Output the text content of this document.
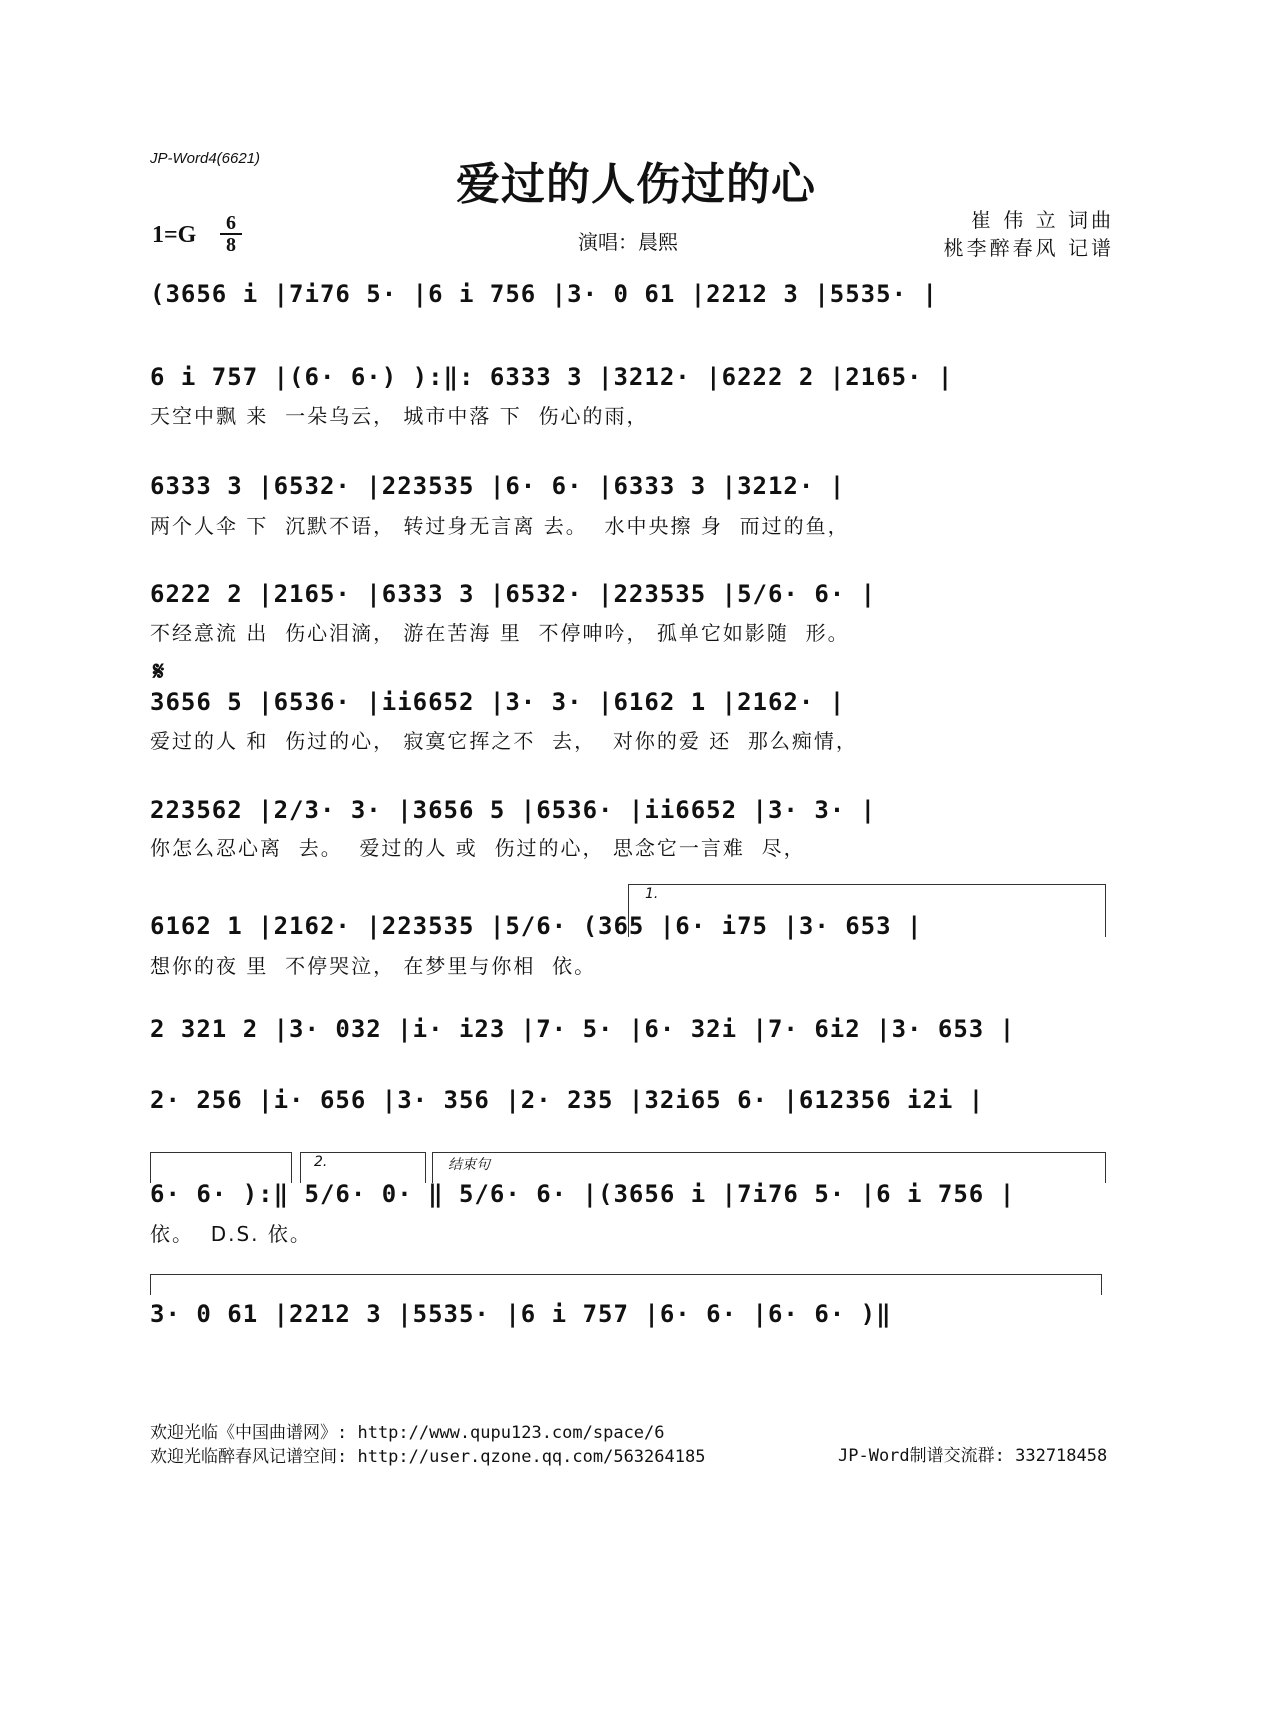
JP-Word4(6621)
爱过的人伤过的心
1=G	6
8	演唱：晨熙
崔 伟 立 词曲
桃李醉春风 记谱
(3656 i |7i76 5· |6 i 756 |3· 0 61 |2212 3 |5535· |
6 i 757 |(6· 6·) ):‖: 6333 3 |3212· |6222 2 |2165· |
天空中飘 来  一朵乌云， 城市中落 下  伤心的雨，
6333 3 |6532· |223535 |6· 6· |6333 3 |3212· |
两个人伞 下  沉默不语， 转过身无言离 去。  水中央擦 身  而过的鱼，
6222 2 |2165· |6333 3 |6532· |223535 |5/6· 6· |
不经意流 出  伤心泪滴， 游在苦海 里  不停呻吟， 孤单它如影随  形。
𝄋
3656 5 |6536· |ii6652 |3· 3· |6162 1 |2162· |
爱过的人 和  伤过的心， 寂寞它挥之不  去，  对你的爱 还  那么痴情，
223562 |2/3· 3· |3656 5 |6536· |ii6652 |3· 3· |
你怎么忍心离  去。  爱过的人 或  伤过的心， 思念它一言难  尽，
1.
6162 1 |2162· |223535 |5/6· (365 |6· i75 |3· 653 |
想你的夜 里  不停哭泣， 在梦里与你相  依。
2 321 2 |3· 032 |i· i23 |7· 5· |6· 32i |7· 6i2 |3· 653 |
2· 256 |i· 656 |3· 356 |2· 235 |32i65 6· |612356 i2i |
2.	结束句
6· 6· ):‖ 5/6· 0· ‖ 5/6· 6· |(3656 i |7i76 5· |6 i 756 |
依。  D.S. 依。
3· 0 61 |2212 3 |5535· |6 i 757 |6· 6· |6· 6· )‖
欢迎光临《中国曲谱网》: http://www.qupu123.com/space/6
欢迎光临醉春风记谱空间: http://user.qzone.qq.com/563264185	JP-Word制谱交流群: 332718458
